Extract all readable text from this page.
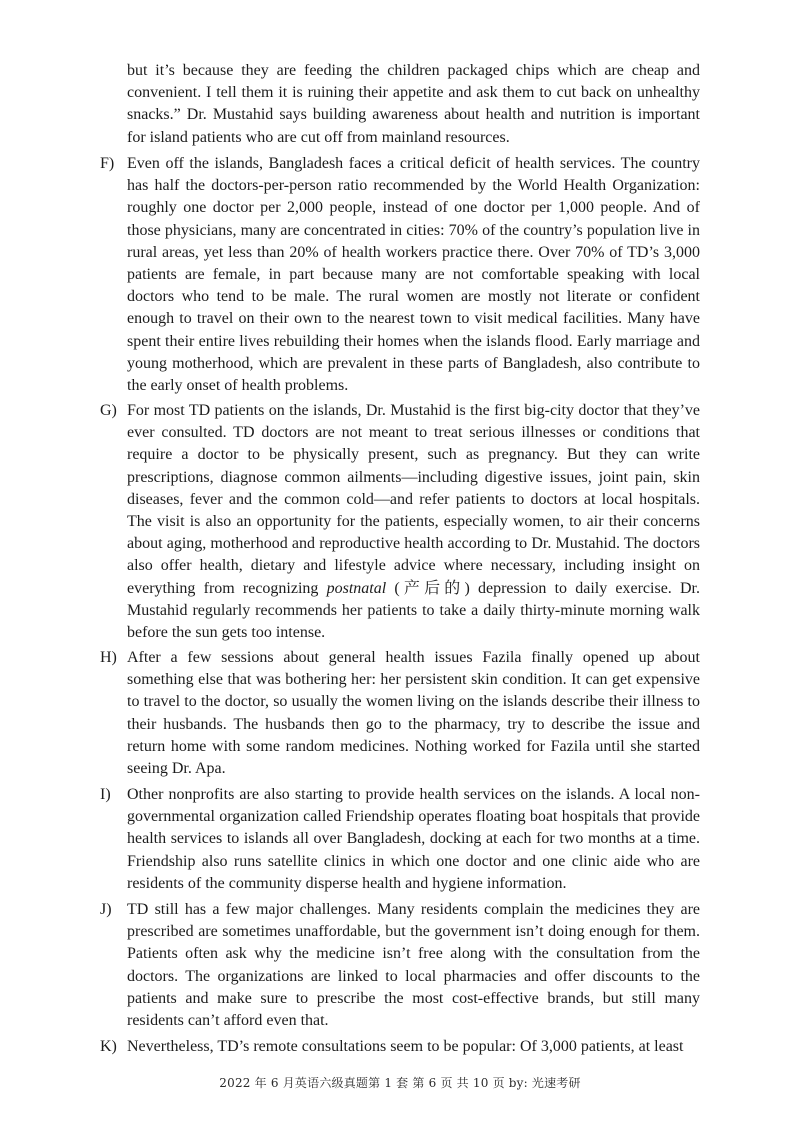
but it’s because they are feeding the children packaged chips which are cheap and convenient. I tell them it is ruining their appetite and ask them to cut back on unhealthy snacks.” Dr. Mustahid says building awareness about health and nutrition is important for island patients who are cut off from mainland resources.
F) Even off the islands, Bangladesh faces a critical deficit of health services. The country has half the doctors-per-person ratio recommended by the World Health Organization: roughly one doctor per 2,000 people, instead of one doctor per 1,000 people. And of those physicians, many are concentrated in cities: 70% of the country’s population live in rural areas, yet less than 20% of health workers practice there. Over 70% of TD’s 3,000 patients are female, in part because many are not comfortable speaking with local doctors who tend to be male. The rural women are mostly not literate or confident enough to travel on their own to the nearest town to visit medical facilities. Many have spent their entire lives rebuilding their homes when the islands flood. Early marriage and young motherhood, which are prevalent in these parts of Bangladesh, also contribute to the early onset of health problems.
G) For most TD patients on the islands, Dr. Mustahid is the first big-city doctor that they’ve ever consulted. TD doctors are not meant to treat serious illnesses or conditions that require a doctor to be physically present, such as pregnancy. But they can write prescriptions, diagnose common ailments—including digestive issues, joint pain, skin diseases, fever and the common cold—and refer patients to doctors at local hospitals. The visit is also an opportunity for the patients, especially women, to air their concerns about aging, motherhood and reproductive health according to Dr. Mustahid. The doctors also offer health, dietary and lifestyle advice where necessary, including insight on everything from recognizing postnatal (产后的) depression to daily exercise. Dr. Mustahid regularly recommends her patients to take a daily thirty-minute morning walk before the sun gets too intense.
H) After a few sessions about general health issues Fazila finally opened up about something else that was bothering her: her persistent skin condition. It can get expensive to travel to the doctor, so usually the women living on the islands describe their illness to their husbands. The husbands then go to the pharmacy, try to describe the issue and return home with some random medicines. Nothing worked for Fazila until she started seeing Dr. Apa.
I)	Other nonprofits are also starting to provide health services on the islands. A local non-governmental organization called Friendship operates floating boat hospitals that provide health services to islands all over Bangladesh, docking at each for two months at a time. Friendship also runs satellite clinics in which one doctor and one clinic aide who are residents of the community disperse health and hygiene information.
J) TD still has a few major challenges. Many residents complain the medicines they are prescribed are sometimes unaffordable, but the government isn’t doing enough for them. Patients often ask why the medicine isn’t free along with the consultation from the doctors. The organizations are linked to local pharmacies and offer discounts to the patients and make sure to prescribe the most cost-effective brands, but still many residents can’t afford even that.
K) Nevertheless, TD’s remote consultations seem to be popular: Of 3,000 patients, at least
2022 年 6 月英语六级真题第 1 套 第 6 页 共 10 页 by: 光速考研
